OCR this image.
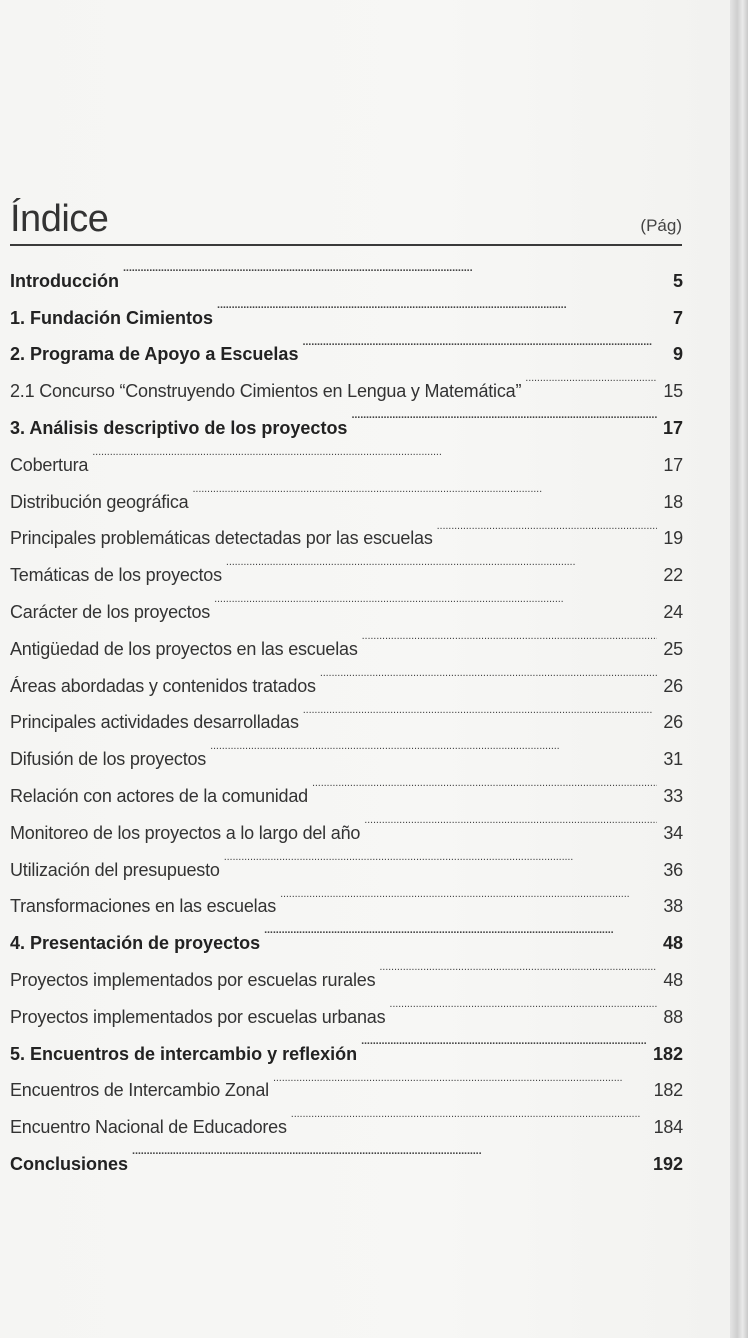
Índice	(Pág)
Introducción . . .	5
1. Fundación Cimientos . . .	7
2. Programa de Apoyo a Escuelas . . .	9
2.1 Concurso “Construyendo Cimientos en Lengua y Matemática” . . .	15
3. Análisis descriptivo de los proyectos . . .	17
Cobertura . . .	17
Distribución geográfica . . .	18
Principales problemáticas detectadas por las escuelas . . .	19
Temáticas de los proyectos . . .	22
Carácter de los proyectos . . .	24
Antigüedad de los proyectos en las escuelas . . .	25
Áreas abordadas y contenidos tratados . . .	26
Principales actividades desarrolladas . . .	26
Difusión de los proyectos . . .	31
Relación con actores de la comunidad . . .	33
Monitoreo de los proyectos a lo largo del año . . .	34
Utilización del presupuesto . . .	36
Transformaciones en las escuelas . . .	38
4. Presentación de proyectos . . .	48
Proyectos implementados por escuelas rurales . . .	48
Proyectos implementados por escuelas urbanas . . .	88
5. Encuentros de intercambio y reflexión . . .	182
Encuentros de Intercambio Zonal . . .	182
Encuentro Nacional de Educadores . . .	184
Conclusiones . . .	192
